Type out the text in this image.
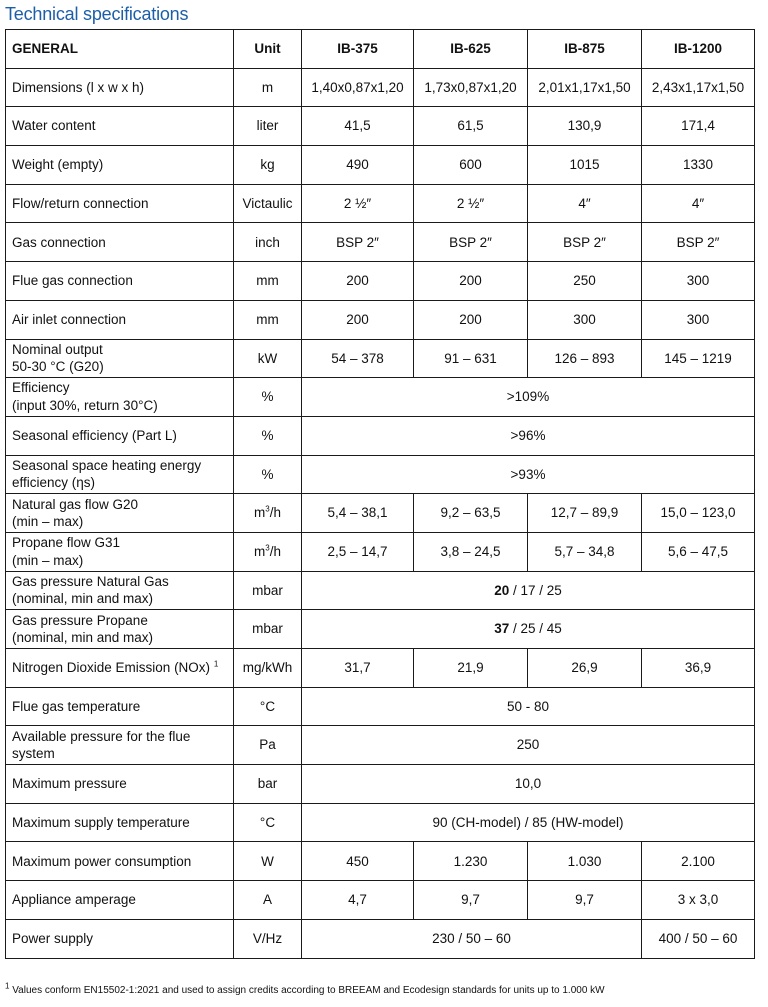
Technical specifications
GENERAL	Unit	IB-375	IB-625	IB-875	IB-1200
Dimensions (l x w x h)	m	1,40x0,87x1,20	1,73x0,87x1,20	2,01x1,17x1,50	2,43x1,17x1,50
Water content	liter	41,5	61,5	130,9	171,4
Weight (empty)	kg	490	600	1015	1330
Flow/return connection	Victaulic	2 ½″	2 ½″	4″	4″
Gas connection	inch	BSP 2″	BSP 2″	BSP 2″	BSP 2″
Flue gas connection	mm	200	200	250	300
Air inlet connection	mm	200	200	300	300
Nominal output
50-30 °C (G20)	kW	54 – 378	91 – 631	126 – 893	145 – 1219
Efficiency
(input 30%, return 30°C)	%	>109%			
Seasonal efficiency (Part L)	%	>96%			
Seasonal space heating energy
efficiency (ηs)	%	>93%			
Natural gas flow G20
(min – max)	$m^3/h$	5,4 – 38,1	9,2 – 63,5	12,7 – 89,9	15,0 – 123,0
Propane flow G31
(min – max)	$m^3/h$	2,5 – 14,7	3,8 – 24,5	5,7 – 34,8	5,6 – 47,5
Gas pressure Natural Gas
(nominal, min and max)	mbar	20 / 17 / 25			
Gas pressure Propane
(nominal, min and max)	mbar	37 / 25 / 45			
Nitrogen Dioxide Emission (NOx) $^1$	mg/kWh	31,7	21,9	26,9	36,9
Flue gas temperature	°C	50 - 80			
Available pressure for the flue
system	Pa	250			
Maximum pressure	bar	10,0			
Maximum supply temperature	°C	90 (CH-model) / 85 (HW-model)			
Maximum power consumption	W	450	1.230	1.030	2.100
Appliance amperage	A	4,7	9,7	9,7	3 x 3,0
Power supply	V/Hz	230 / 50 – 60			400 / 50 – 60
$^1$ Values conform EN15502-1:2021 and used to assign credits according to BREEAM and Ecodesign standards for units up to 1.000 kW
